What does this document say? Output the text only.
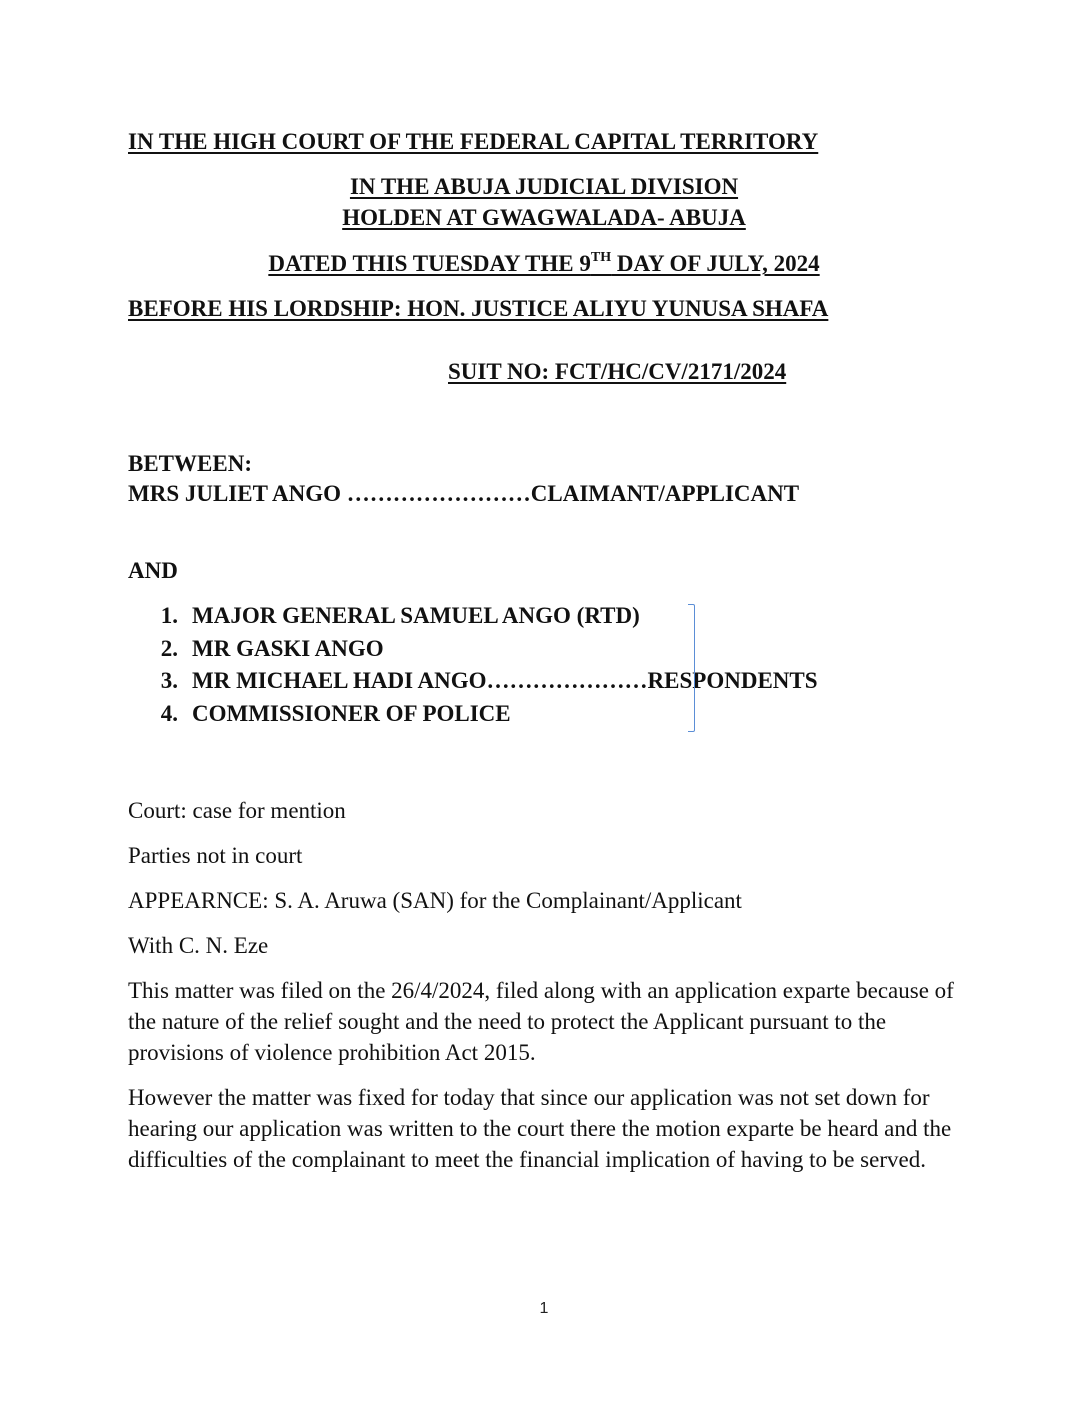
IN THE HIGH COURT OF THE FEDERAL CAPITAL TERRITORY
IN THE ABUJA JUDICIAL DIVISION
HOLDEN AT GWAGWALADA- ABUJA
DATED THIS TUESDAY THE 9TH DAY OF JULY, 2024
BEFORE HIS LORDSHIP: HON. JUSTICE ALIYU YUNUSA SHAFA
SUIT NO: FCT/HC/CV/2171/2024
BETWEEN:
MRS JULIET ANGO ……………………CLAIMANT/APPLICANT
AND
1. MAJOR GENERAL SAMUEL ANGO (RTD)
2. MR GASKI ANGO
3. MR MICHAEL HADI ANGO…………………RESPONDENTS
4. COMMISSIONER OF POLICE
Court: case for mention
Parties not in court
APPEARNCE: S. A. Aruwa (SAN) for the Complainant/Applicant
With C. N. Eze
This matter was filed on the 26/4/2024, filed along with an application exparte because of the nature of the relief sought and the need to protect the Applicant pursuant to the provisions of violence prohibition Act 2015.
However the matter was fixed for today that since our application was not set down for hearing our application was written to the court there the motion exparte be heard and the difficulties of the complainant to meet the financial implication of having to be served.
1
